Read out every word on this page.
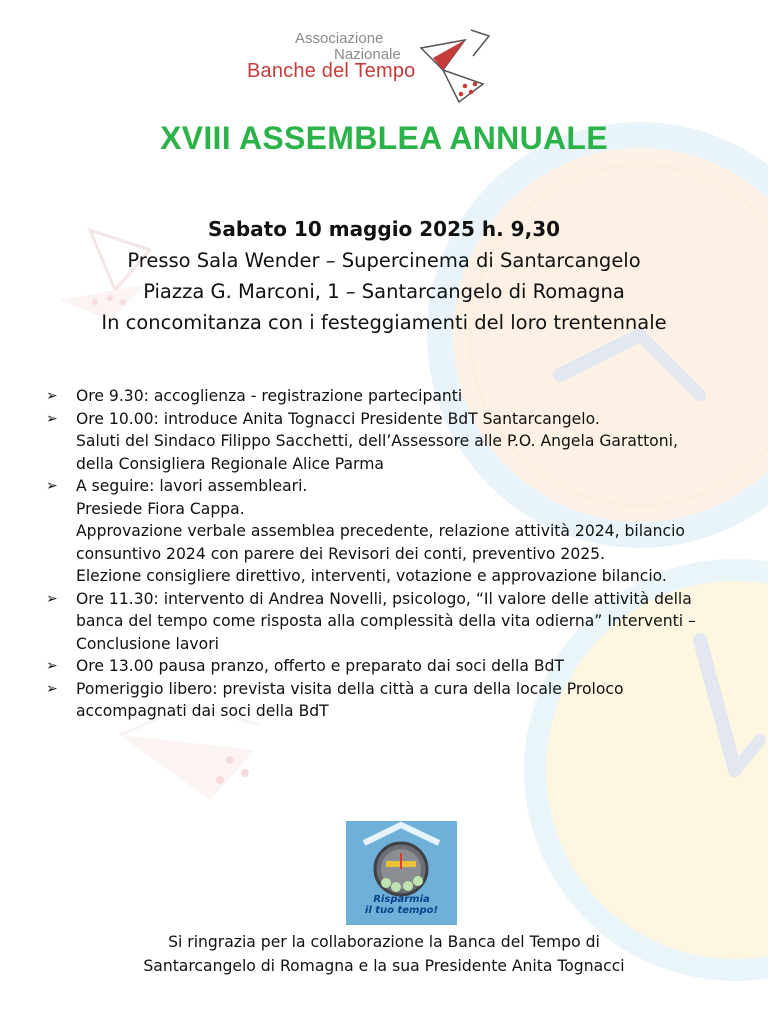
Associazione
Nazionale
Banche del Tempo
XVIII ASSEMBLEA ANNUALE
Sabato 10 maggio 2025 h. 9,30
Presso Sala Wender – Supercinema di Santarcangelo
Piazza G. Marconi, 1 – Santarcangelo di Romagna
In concomitanza con i festeggiamenti del loro trentennale
➢ Ore 9.30: accoglienza - registrazione partecipanti
➢ Ore 10.00: introduce Anita Tognacci Presidente BdT Santarcangelo.
Saluti del Sindaco Filippo Sacchetti, dell’Assessore alle P.O. Angela Garattoni,
della Consigliera Regionale Alice Parma
➢ A seguire: lavori assembleari.
Presiede Fiora Cappa.
Approvazione verbale assemblea precedente, relazione attività 2024, bilancio
consuntivo 2024 con parere dei Revisori dei conti, preventivo 2025.
Elezione consigliere direttivo, interventi, votazione e approvazione bilancio.
➢ Ore 11.30: intervento di Andrea Novelli, psicologo, “Il valore delle attività della
banca del tempo come risposta alla complessità della vita odierna” Interventi –
Conclusione lavori
➢ Ore 13.00 pausa pranzo, offerto e preparato dai soci della BdT
➢ Pomeriggio libero: prevista visita della città a cura della locale Proloco
accompagnati dai soci della BdT
Risparmia
il tuo tempo!
Si ringrazia per la collaborazione la Banca del Tempo di
Santarcangelo di Romagna e la sua Presidente Anita Tognacci
